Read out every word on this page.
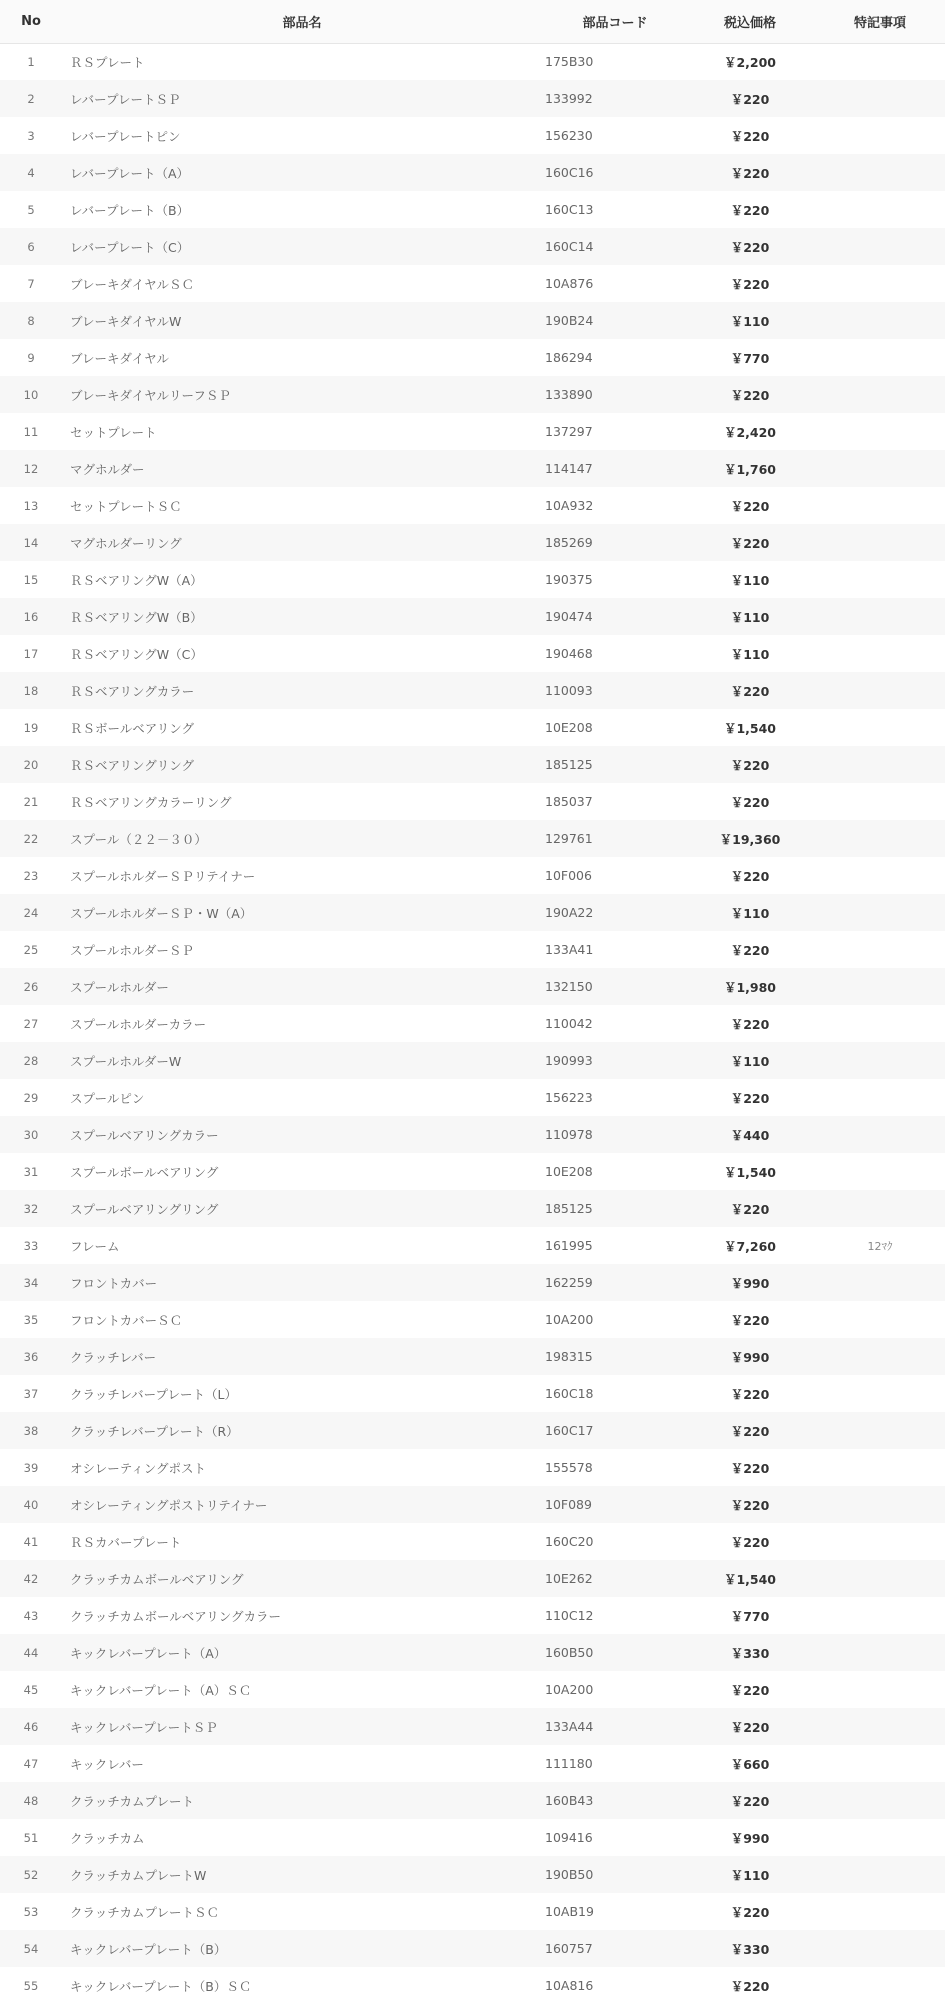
No	部品名	部品コード	税込価格	特記事項
1	ＲＳプレート	175B30	￥2,200	
2	レバープレートＳＰ	133992	￥220	
3	レバープレートピン	156230	￥220	
4	レバープレート（A）	160C16	￥220	
5	レバープレート（B）	160C13	￥220	
6	レバープレート（C）	160C14	￥220	
7	ブレーキダイヤルＳＣ	10A876	￥220	
8	ブレーキダイヤルW	190B24	￥110	
9	ブレーキダイヤル	186294	￥770	
10	ブレーキダイヤルリーフＳＰ	133890	￥220	
11	セットプレート	137297	￥2,420	
12	マグホルダー	114147	￥1,760	
13	セットプレートＳＣ	10A932	￥220	
14	マグホルダーリング	185269	￥220	
15	ＲＳベアリングW（A）	190375	￥110	
16	ＲＳベアリングW（B）	190474	￥110	
17	ＲＳベアリングW（C）	190468	￥110	
18	ＲＳベアリングカラー	110093	￥220	
19	ＲＳボールベアリング	10E208	￥1,540	
20	ＲＳベアリングリング	185125	￥220	
21	ＲＳベアリングカラーリング	185037	￥220	
22	スプール（２２－３０）	129761	￥19,360	
23	スプールホルダーＳＰリテイナー	10F006	￥220	
24	スプールホルダーＳＰ・W（A）	190A22	￥110	
25	スプールホルダーＳＰ	133A41	￥220	
26	スプールホルダー	132150	￥1,980	
27	スプールホルダーカラー	110042	￥220	
28	スプールホルダーW	190993	￥110	
29	スプールピン	156223	￥220	
30	スプールベアリングカラー	110978	￥440	
31	スプールボールベアリング	10E208	￥1,540	
32	スプールベアリングリング	185125	￥220	
33	フレーム	161995	￥7,260	12ﾏｸ
34	フロントカバー	162259	￥990	
35	フロントカバーＳＣ	10A200	￥220	
36	クラッチレバー	198315	￥990	
37	クラッチレバープレート（L）	160C18	￥220	
38	クラッチレバープレート（R）	160C17	￥220	
39	オシレーティングポスト	155578	￥220	
40	オシレーティングポストリテイナー	10F089	￥220	
41	ＲＳカバープレート	160C20	￥220	
42	クラッチカムボールベアリング	10E262	￥1,540	
43	クラッチカムボールベアリングカラー	110C12	￥770	
44	キックレバープレート（A）	160B50	￥330	
45	キックレバープレート（A）ＳＣ	10A200	￥220	
46	キックレバープレートＳＰ	133A44	￥220	
47	キックレバー	111180	￥660	
48	クラッチカムプレート	160B43	￥220	
51	クラッチカム	109416	￥990	
52	クラッチカムプレートW	190B50	￥110	
53	クラッチカムプレートＳＣ	10AB19	￥220	
54	キックレバープレート（B）	160757	￥330	
55	キックレバープレート（B）ＳＣ	10A816	￥220	
